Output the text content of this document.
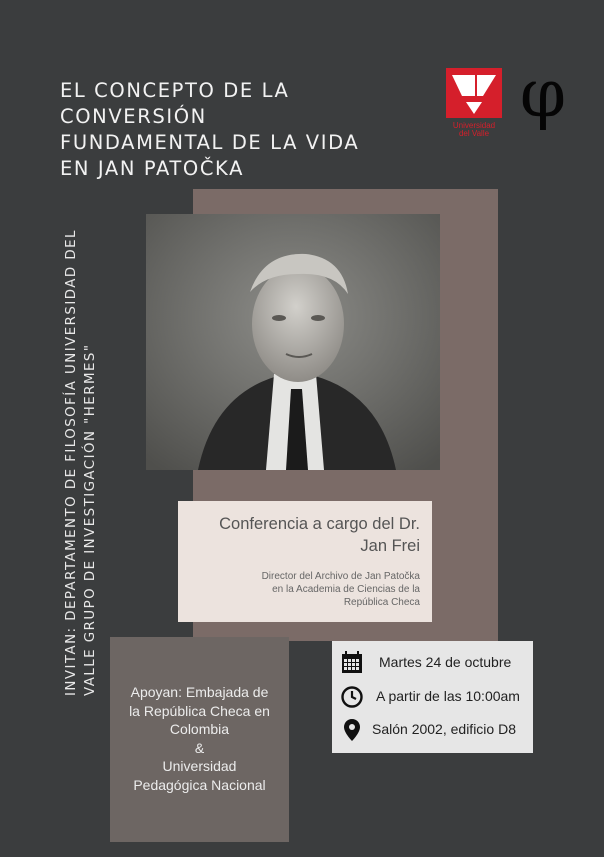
EL CONCEPTO DE LA
CONVERSIÓN
FUNDAMENTAL DE LA VIDA
EN JAN PATOČKA
Universidad
del Valle
φ
INVITAN: DEPARTAMENTO DE FILOSOFÍA UNIVERSIDAD DEL VALLE GRUPO DE INVESTIGACIÓN "HERMES"	Conferencia a cargo del Dr.
Jan Frei
Director del Archivo de Jan Patočka
en la Academia de Ciencias de la
República Checa
Apoyan: Embajada de
la República Checa en
Colombia
&
Universidad
Pedagógica Nacional
Martes 24 de octubre
A partir de las 10:00am
Salón 2002, edificio D8
